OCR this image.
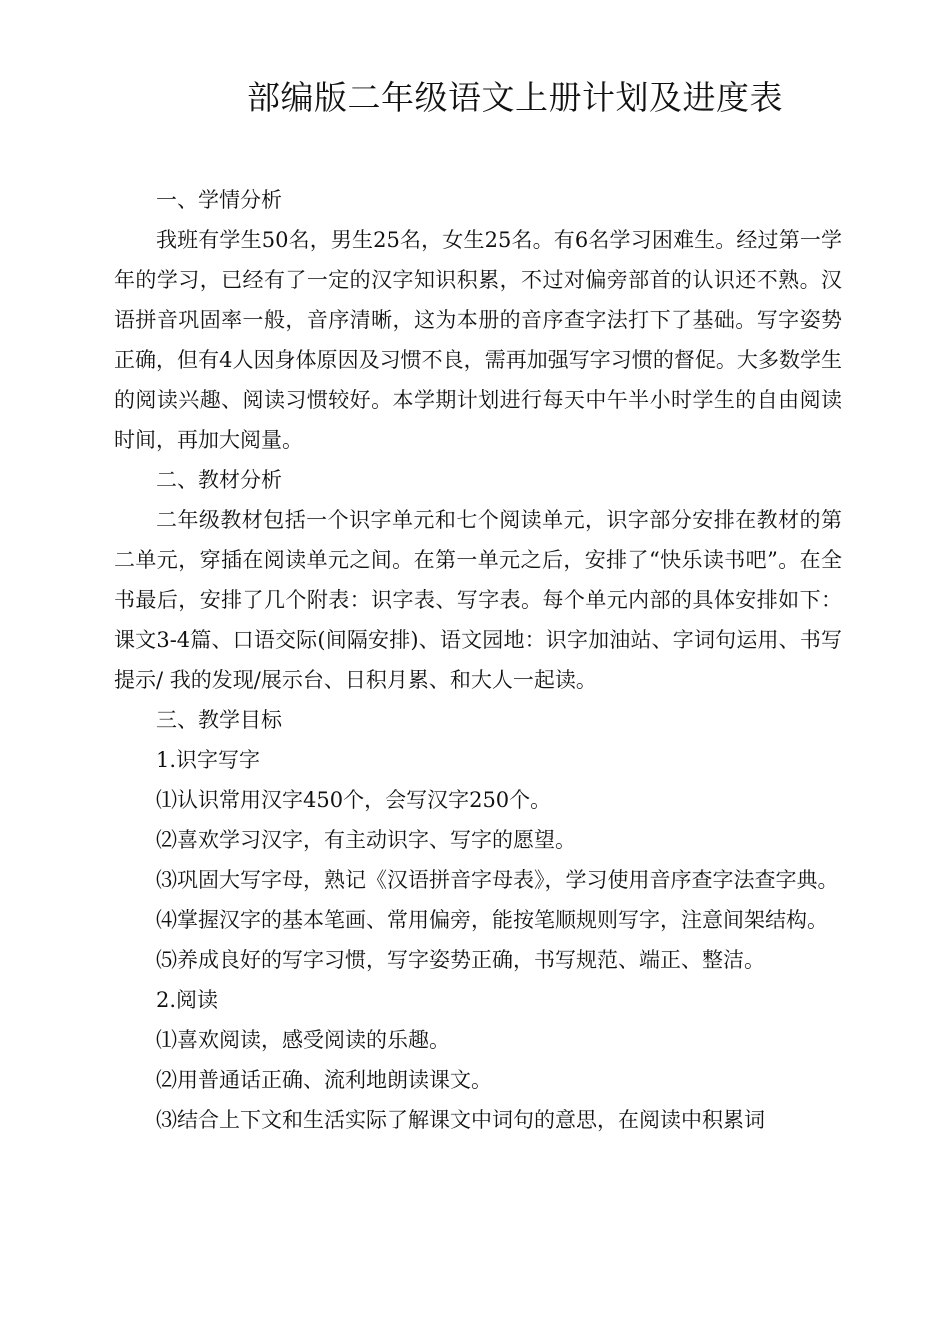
部编版二年级语文上册计划及进度表

一、学情分析

我班有学生50名，男生25名，女生25名。有6名学习困难生。经过第一学年的学习，已经有了一定的汉字知识积累，不过对偏旁部首的认识还不熟。汉语拼音巩固率一般，音序清晰，这为本册的音序查字法打下了基础。写字姿势正确，但有4人因身体原因及习惯不良，需再加强写字习惯的督促。大多数学生的阅读兴趣、阅读习惯较好。本学期计划进行每天中午半小时学生的自由阅读时间，再加大阅量。

二、教材分析

二年级教材包括一个识字单元和七个阅读单元，识字部分安排在教材的第二单元，穿插在阅读单元之间。在第一单元之后，安排了“快乐读书吧”。在全书最后，安排了几个附表：识字表、写字表。每个单元内部的具体安排如下：课文3-4篇、口语交际(间隔安排)、语文园地：识字加油站、字词句运用、书写提示/ 我的发现/展示台、日积月累、和大人一起读。

三、教学目标

1.识字写字

⑴认识常用汉字450个，会写汉字250个。

⑵喜欢学习汉字，有主动识字、写字的愿望。

⑶巩固大写字母，熟记《汉语拼音字母表》，学习使用音序查字法查字典。

⑷掌握汉字的基本笔画、常用偏旁，能按笔顺规则写字，注意间架结构。

⑸养成良好的写字习惯，写字姿势正确，书写规范、端正、整洁。

2.阅读

⑴喜欢阅读，感受阅读的乐趣。

⑵用普通话正确、流利地朗读课文。

⑶结合上下文和生活实际了解课文中词句的意思，在阅读中积累词
